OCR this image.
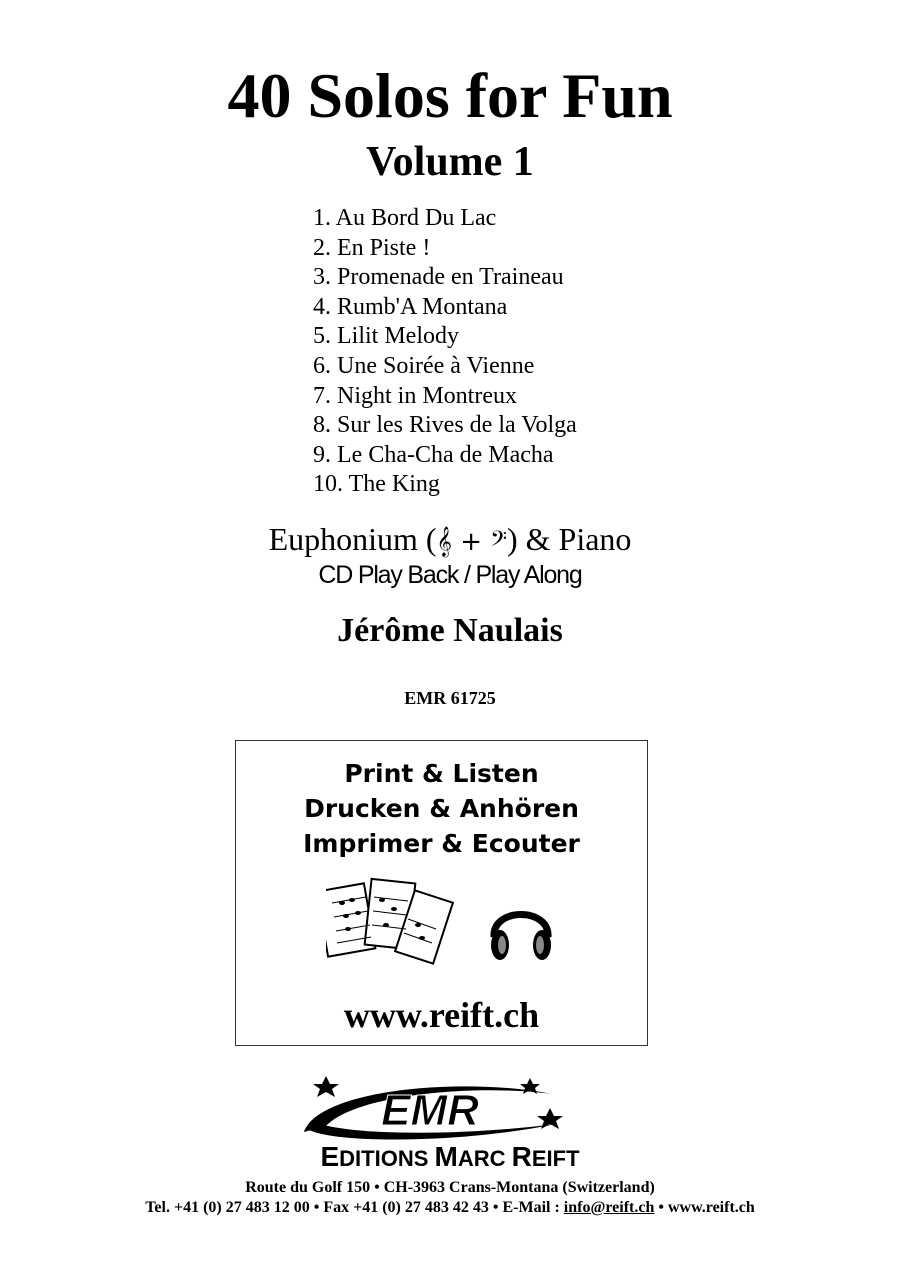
40 Solos for Fun
Volume 1
1. Au Bord Du Lac
2. En Piste !
3. Promenade en Traineau
4. Rumb'A Montana
5. Lilit Melody
6. Une Soirée à Vienne
7. Night in Montreux
8. Sur les Rives de la Volga
9. Le Cha-Cha de Macha
10. The King
Euphonium (𝄞 + 𝄢) & Piano
CD Play Back / Play Along
Jérôme Naulais
EMR 61725
Print & Listen
Drucken & Anhören
Imprimer & Ecouter
www.reift.ch
EMR
EDITIONS MARC REIFT
Route du Golf 150 • CH-3963 Crans-Montana (Switzerland)
Tel. +41 (0) 27 483 12 00 • Fax +41 (0) 27 483 42 43 • E-Mail : info@reift.ch • www.reift.ch
